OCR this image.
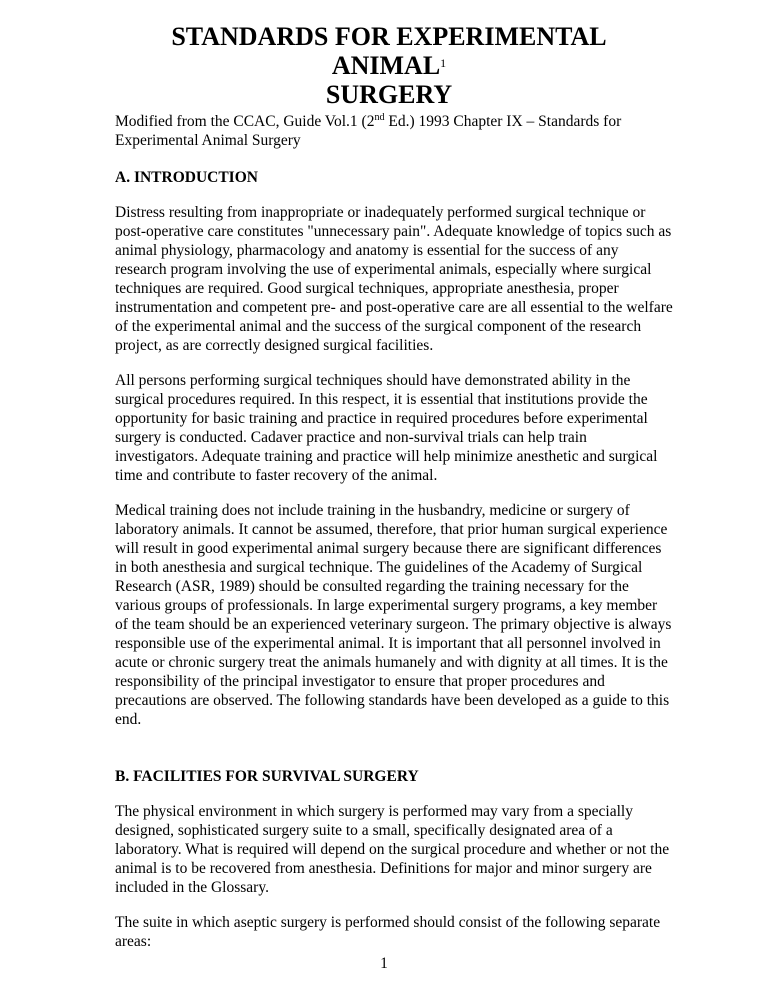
STANDARDS FOR EXPERIMENTAL ANIMAL$^1$
SURGERY

Modified from the CCAC, Guide Vol.1 (2nd Ed.) 1993 Chapter IX – Standards for
Experimental Animal Surgery

A. INTRODUCTION

Distress resulting from inappropriate or inadequately performed surgical technique or
post-operative care constitutes "unnecessary pain". Adequate knowledge of topics such as
animal physiology, pharmacology and anatomy is essential for the success of any
research program involving the use of experimental animals, especially where surgical
techniques are required. Good surgical techniques, appropriate anesthesia, proper
instrumentation and competent pre- and post-operative care are all essential to the welfare
of the experimental animal and the success of the surgical component of the research
project, as are correctly designed surgical facilities.

All persons performing surgical techniques should have demonstrated ability in the
surgical procedures required. In this respect, it is essential that institutions provide the
opportunity for basic training and practice in required procedures before experimental
surgery is conducted. Cadaver practice and non-survival trials can help train
investigators. Adequate training and practice will help minimize anesthetic and surgical
time and contribute to faster recovery of the animal.

Medical training does not include training in the husbandry, medicine or surgery of
laboratory animals. It cannot be assumed, therefore, that prior human surgical experience
will result in good experimental animal surgery because there are significant differences
in both anesthesia and surgical technique. The guidelines of the Academy of Surgical
Research (ASR, 1989) should be consulted regarding the training necessary for the
various groups of professionals. In large experimental surgery programs, a key member
of the team should be an experienced veterinary surgeon. The primary objective is always
responsible use of the experimental animal. It is important that all personnel involved in
acute or chronic surgery treat the animals humanely and with dignity at all times. It is the
responsibility of the principal investigator to ensure that proper procedures and
precautions are observed. The following standards have been developed as a guide to this
end.

B. FACILITIES FOR SURVIVAL SURGERY

The physical environment in which surgery is performed may vary from a specially
designed, sophisticated surgery suite to a small, specifically designated area of a
laboratory. What is required will depend on the surgical procedure and whether or not the
animal is to be recovered from anesthesia. Definitions for major and minor surgery are
included in the Glossary.

The suite in which aseptic surgery is performed should consist of the following separate
areas:

1
